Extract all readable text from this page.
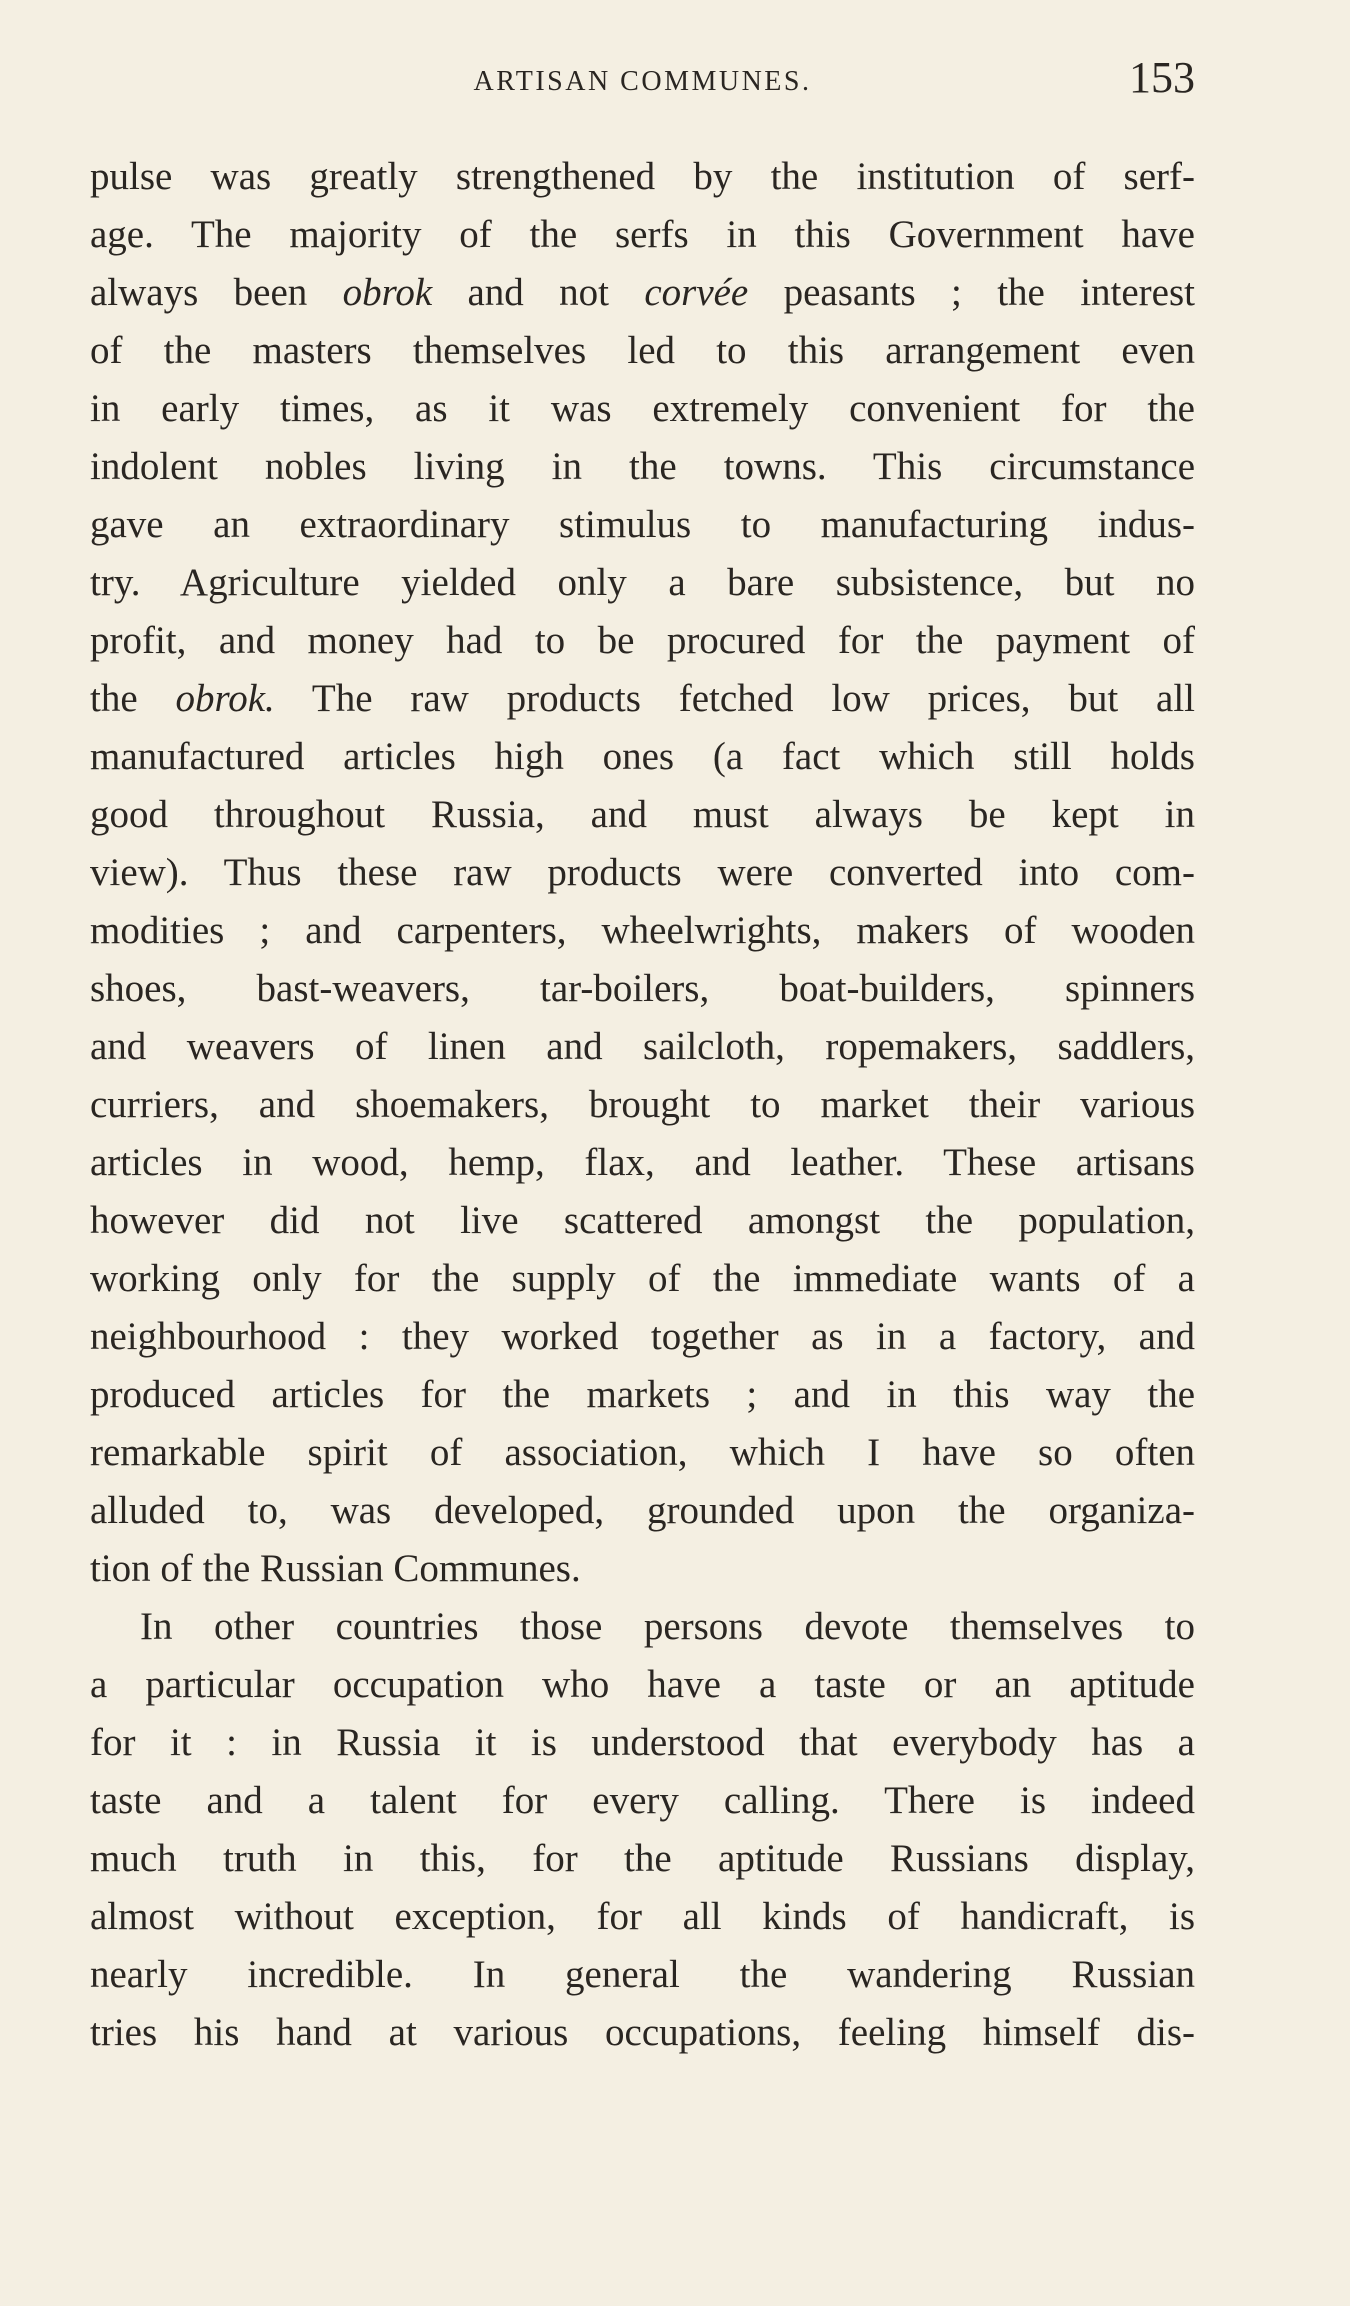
ARTISAN COMMUNES.	153
pulse was greatly strengthened by the institution of serf-
age. The majority of the serfs in this Government have
always been obrok and not corvée peasants ; the interest
of the masters themselves led to this arrangement even
in early times, as it was extremely convenient for the
indolent nobles living in the towns. This circumstance
gave an extraordinary stimulus to manufacturing indus-
try. Agriculture yielded only a bare subsistence, but no
profit, and money had to be procured for the payment of
the obrok. The raw products fetched low prices, but all
manufactured articles high ones (a fact which still holds
good throughout Russia, and must always be kept in
view). Thus these raw products were converted into com-
modities ; and carpenters, wheelwrights, makers of wooden
shoes, bast-weavers, tar-boilers, boat-builders, spinners
and weavers of linen and sailcloth, ropemakers, saddlers,
curriers, and shoemakers, brought to market their various
articles in wood, hemp, flax, and leather. These artisans
however did not live scattered amongst the population,
working only for the supply of the immediate wants of a
neighbourhood : they worked together as in a factory, and
produced articles for the markets ; and in this way the
remarkable spirit of association, which I have so often
alluded to, was developed, grounded upon the organiza-
tion of the Russian Communes.
In other countries those persons devote themselves to
a particular occupation who have a taste or an aptitude
for it : in Russia it is understood that everybody has a
taste and a talent for every calling. There is indeed
much truth in this, for the aptitude Russians display,
almost without exception, for all kinds of handicraft, is
nearly incredible. In general the wandering Russian
tries his hand at various occupations, feeling himself dis-
